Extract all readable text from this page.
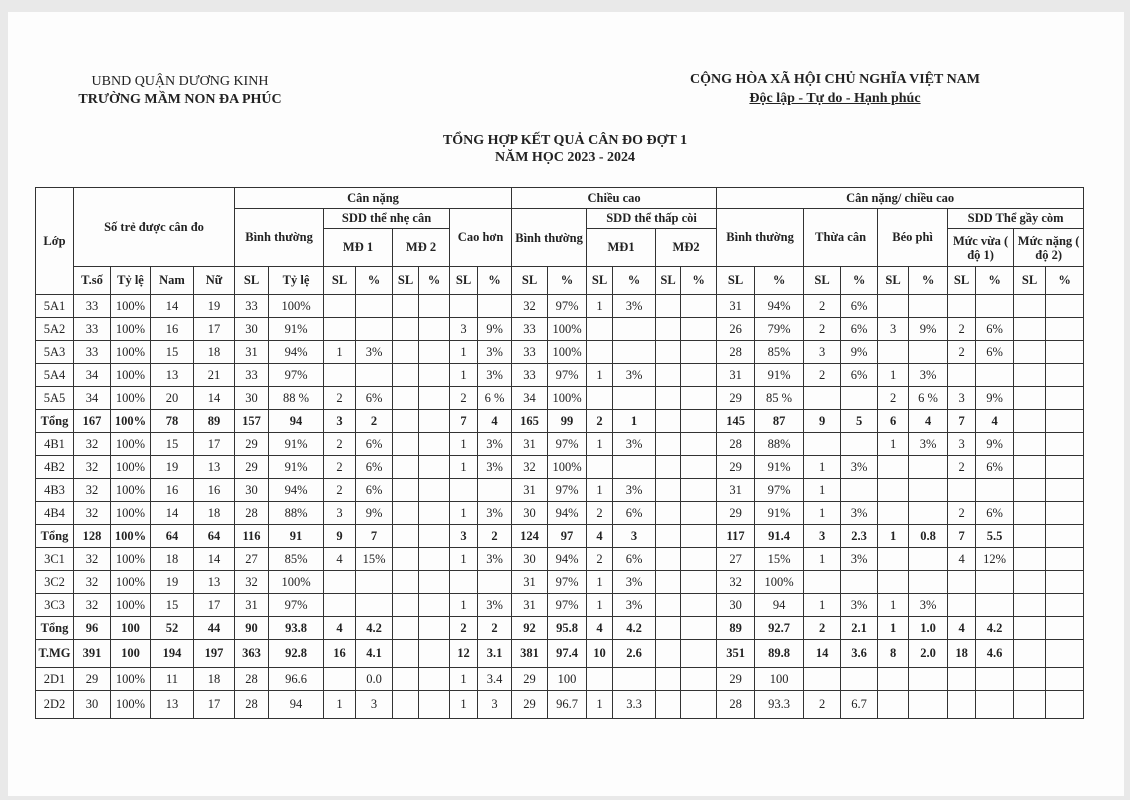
UBND QUẬN DƯƠNG KINH
TRƯỜNG MẦM NON ĐA PHÚC
CỘNG HÒA XÃ HỘI CHỦ NGHĨA VIỆT NAM
Độc lập - Tự do - Hạnh phúc
TỔNG HỢP KẾT QUẢ CÂN ĐO ĐỢT 1
NĂM HỌC 2023 - 2024
Lớp	Số trẻ được cân đo				Cân nặng								Chiều cao						Cân nặng/ chiều cao									
					Bình thường		SDD thể nhẹ cân				Cao hơn		Bình thường		SDD thể thấp còi				Bình thường		Thừa cân		Béo phì		SDD Thể gầy còm			
							MĐ 1		MĐ 2						MĐ1		MĐ2								Mức vừa ( độ 1)		Mức nặng ( độ 2)	
	T.số	Tỷ lệ	Nam	Nữ	SL	Tỷ lệ	SL	%	SL	%	SL	%	SL	%	SL	%	SL	%	SL	%	SL	%	SL	%	SL	%	SL	%
5A1	33	100%	14	19	33	100%							32	97%	1	3%			31	94%	2	6%						
5A2	33	100%	16	17	30	91%					3	9%	33	100%					26	79%	2	6%	3	9%	2	6%		
5A3	33	100%	15	18	31	94%	1	3%			1	3%	33	100%					28	85%	3	9%			2	6%		
5A4	34	100%	13	21	33	97%					1	3%	33	97%	1	3%			31	91%	2	6%	1	3%				
5A5	34	100%	20	14	30	88 %	2	6%			2	6 %	34	100%					29	85 %			2	6 %	3	9%		
Tổng	167	100%	78	89	157	94	3	2			7	4	165	99	2	1			145	87	9	5	6	4	7	4		
4B1	32	100%	15	17	29	91%	2	6%			1	3%	31	97%	1	3%			28	88%			1	3%	3	9%		
4B2	32	100%	19	13	29	91%	2	6%			1	3%	32	100%					29	91%	1	3%			2	6%		
4B3	32	100%	16	16	30	94%	2	6%					31	97%	1	3%			31	97%	1							
4B4	32	100%	14	18	28	88%	3	9%			1	3%	30	94%	2	6%			29	91%	1	3%			2	6%		
Tổng	128	100%	64	64	116	91	9	7			3	2	124	97	4	3			117	91.4	3	2.3	1	0.8	7	5.5		
3C1	32	100%	18	14	27	85%	4	15%			1	3%	30	94%	2	6%			27	15%	1	3%			4	12%		
3C2	32	100%	19	13	32	100%							31	97%	1	3%			32	100%								
3C3	32	100%	15	17	31	97%					1	3%	31	97%	1	3%			30	94	1	3%	1	3%				
Tổng	96	100	52	44	90	93.8	4	4.2			2	2	92	95.8	4	4.2			89	92.7	2	2.1	1	1.0	4	4.2		
T.MG	391	100	194	197	363	92.8	16	4.1			12	3.1	381	97.4	10	2.6			351	89.8	14	3.6	8	2.0	18	4.6		
2D1	29	100%	11	18	28	96.6		0.0			1	3.4	29	100					29	100								
2D2	30	100%	13	17	28	94	1	3			1	3	29	96.7	1	3.3			28	93.3	2	6.7						
